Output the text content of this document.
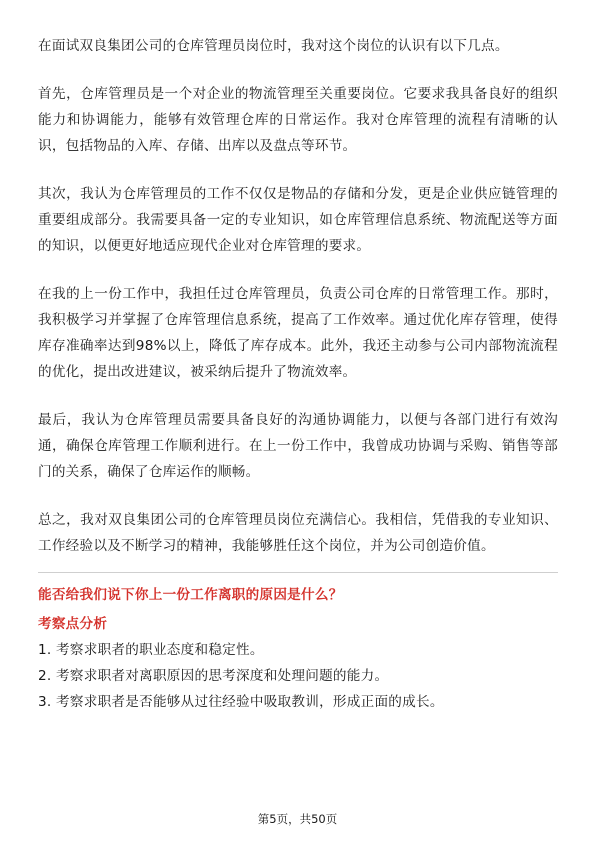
在面试双良集团公司的仓库管理员岗位时，我对这个岗位的认识有以下几点。

首先，仓库管理员是一个对企业的物流管理至关重要岗位。它要求我具备良好的组织能力和协调能力，能够有效管理仓库的日常运作。我对仓库管理的流程有清晰的认识，包括物品的入库、存储、出库以及盘点等环节。

其次，我认为仓库管理员的工作不仅仅是物品的存储和分发，更是企业供应链管理的重要组成部分。我需要具备一定的专业知识，如仓库管理信息系统、物流配送等方面的知识，以便更好地适应现代企业对仓库管理的要求。

在我的上一份工作中，我担任过仓库管理员，负责公司仓库的日常管理工作。那时，我积极学习并掌握了仓库管理信息系统，提高了工作效率。通过优化库存管理，使得库存准确率达到98%以上，降低了库存成本。此外，我还主动参与公司内部物流流程的优化，提出改进建议，被采纳后提升了物流效率。

最后，我认为仓库管理员需要具备良好的沟通协调能力，以便与各部门进行有效沟通，确保仓库管理工作顺利进行。在上一份工作中，我曾成功协调与采购、销售等部门的关系，确保了仓库运作的顺畅。

总之，我对双良集团公司的仓库管理员岗位充满信心。我相信，凭借我的专业知识、工作经验以及不断学习的精神，我能够胜任这个岗位，并为公司创造价值。

能否给我们说下你上一份工作离职的原因是什么？
考察点分析
1. 考察求职者的职业态度和稳定性。
2. 考察求职者对离职原因的思考深度和处理问题的能力。
3. 考察求职者是否能够从过往经验中吸取教训，形成正面的成长。
第5页，共50页
